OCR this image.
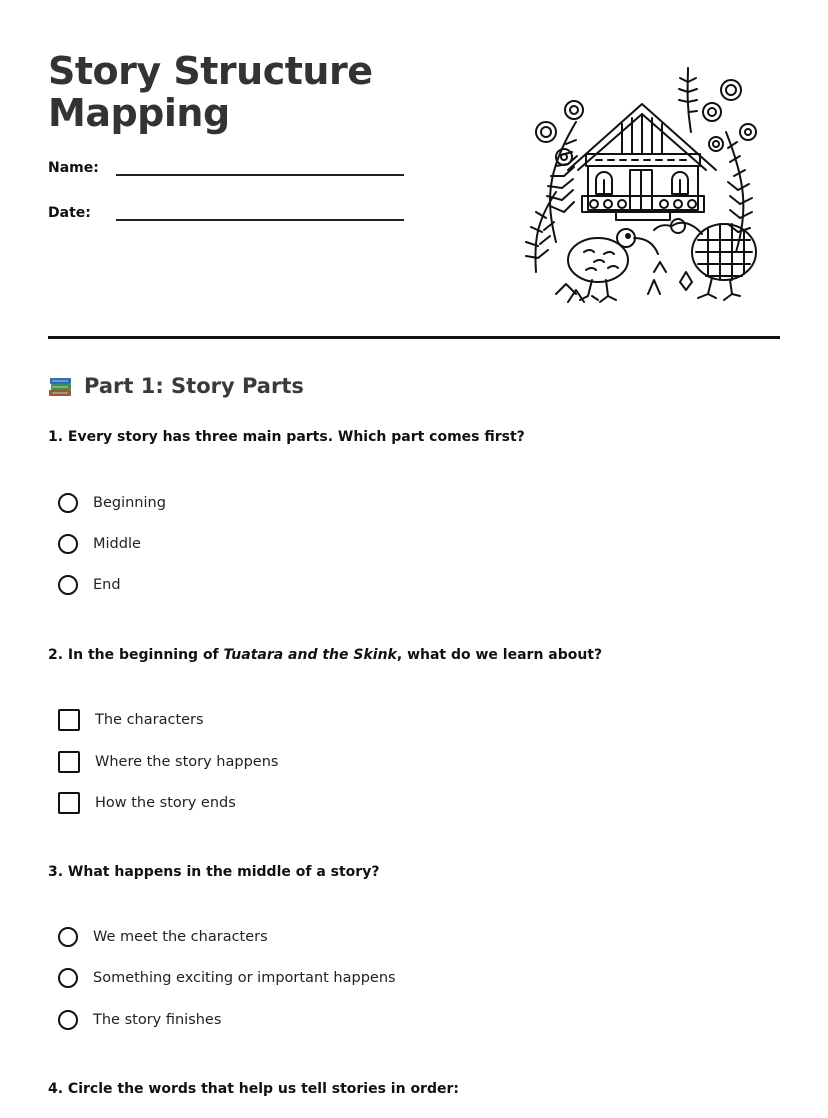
Story Structure
Mapping
Name:
Date:
Part 1: Story Parts

1. Every story has three main parts. Which part comes first?

Beginning
Middle
End

2. In the beginning of Tuatara and the Skink, what do we learn about?

The characters
Where the story happens
How the story ends

3. What happens in the middle of a story?

We meet the characters
Something exciting or important happens
The story finishes

4. Circle the words that help us tell stories in order:
